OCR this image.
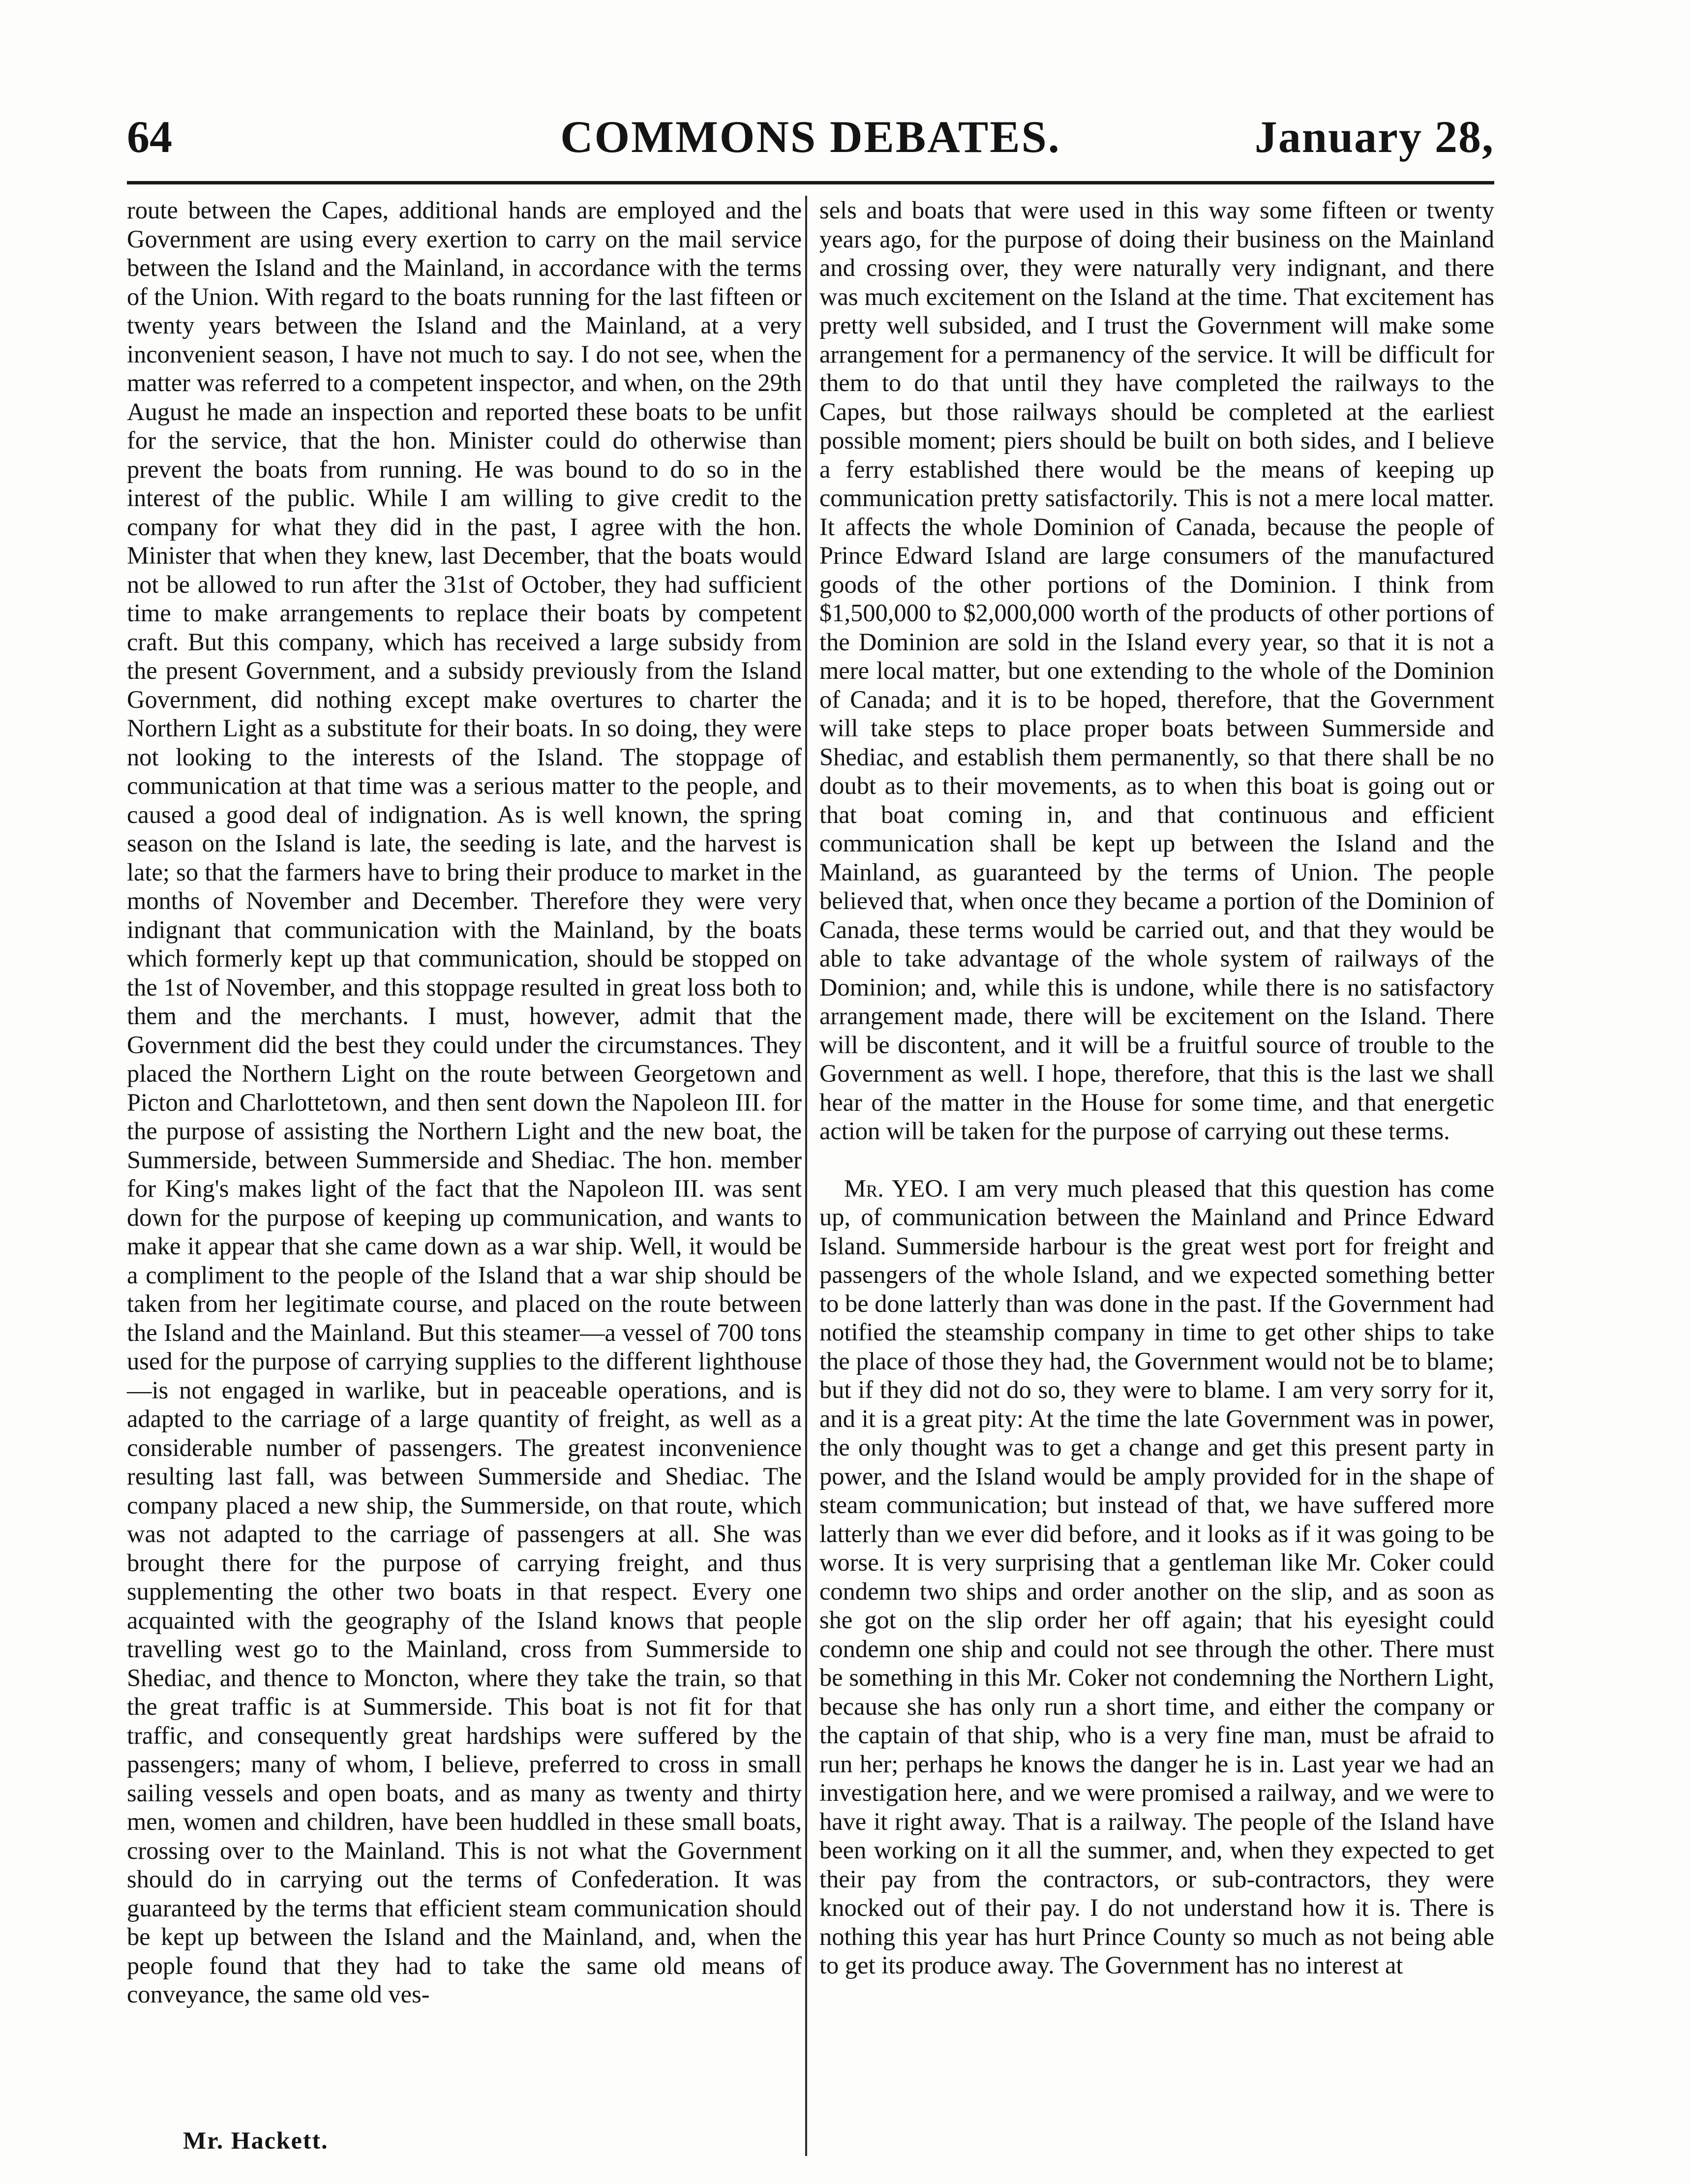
64	COMMONS DEBATES.	January 28,

route between the Capes, additional hands are employed and the Government are using every exertion to carry on the mail service between the Island and the Mainland, in accordance with the terms of the Union. With regard to the boats running for the last fifteen or twenty years between the Island and the Mainland, at a very inconvenient season, I have not much to say. I do not see, when the matter was referred to a competent inspector, and when, on the 29th August he made an inspection and reported these boats to be unfit for the service, that the hon. Minister could do otherwise than prevent the boats from running. He was bound to do so in the interest of the public. While I am willing to give credit to the company for what they did in the past, I agree with the hon. Minister that when they knew, last December, that the boats would not be allowed to run after the 31st of October, they had sufficient time to make arrangements to replace their boats by competent craft. But this company, which has received a large subsidy from the present Government, and a subsidy previously from the Island Government, did nothing except make overtures to charter the Northern Light as a substitute for their boats. In so doing, they were not looking to the interests of the Island. The stoppage of communication at that time was a serious matter to the people, and caused a good deal of indignation. As is well known, the spring season on the Island is late, the seeding is late, and the harvest is late; so that the farmers have to bring their produce to market in the months of November and December. Therefore they were very indignant that communication with the Mainland, by the boats which formerly kept up that communication, should be stopped on the 1st of November, and this stoppage resulted in great loss both to them and the merchants. I must, however, admit that the Government did the best they could under the circumstances. They placed the Northern Light on the route between Georgetown and Picton and Charlottetown, and then sent down the Napoleon III. for the purpose of assisting the Northern Light and the new boat, the Summerside, between Summerside and Shediac. The hon. member for King's makes light of the fact that the Napoleon III. was sent down for the purpose of keeping up communication, and wants to make it appear that she came down as a war ship. Well, it would be a compliment to the people of the Island that a war ship should be taken from her legitimate course, and placed on the route between the Island and the Mainland. But this steamer—a vessel of 700 tons used for the purpose of carrying supplies to the different lighthouse—is not engaged in warlike, but in peaceable operations, and is adapted to the carriage of a large quantity of freight, as well as a considerable number of passengers. The greatest inconvenience resulting last fall, was between Summerside and Shediac. The company placed a new ship, the Summerside, on that route, which was not adapted to the carriage of passengers at all. She was brought there for the purpose of carrying freight, and thus supplementing the other two boats in that respect. Every one acquainted with the geography of the Island knows that people travelling west go to the Mainland, cross from Summerside to Shediac, and thence to Moncton, where they take the train, so that the great traffic is at Summerside. This boat is not fit for that traffic, and consequently great hardships were suffered by the passengers; many of whom, I believe, preferred to cross in small sailing vessels and open boats, and as many as twenty and thirty men, women and children, have been huddled in these small boats, crossing over to the Mainland. This is not what the Government should do in carrying out the terms of Confederation. It was guaranteed by the terms that efficient steam communication should be kept up between the Island and the Mainland, and, when the people found that they had to take the same old means of conveyance, the same old ves-

sels and boats that were used in this way some fifteen or twenty years ago, for the purpose of doing their business on the Mainland and crossing over, they were naturally very indignant, and there was much excitement on the Island at the time. That excitement has pretty well subsided, and I trust the Government will make some arrangement for a permanency of the service. It will be difficult for them to do that until they have completed the railways to the Capes, but those railways should be completed at the earliest possible moment; piers should be built on both sides, and I believe a ferry established there would be the means of keeping up communication pretty satisfactorily. This is not a mere local matter. It affects the whole Dominion of Canada, because the people of Prince Edward Island are large consumers of the manufactured goods of the other portions of the Dominion. I think from $1,500,000 to $2,000,000 worth of the products of other portions of the Dominion are sold in the Island every year, so that it is not a mere local matter, but one extending to the whole of the Dominion of Canada; and it is to be hoped, therefore, that the Government will take steps to place proper boats between Summerside and Shediac, and establish them permanently, so that there shall be no doubt as to their movements, as to when this boat is going out or that boat coming in, and that continuous and efficient communication shall be kept up between the Island and the Mainland, as guaranteed by the terms of Union. The people believed that, when once they became a portion of the Dominion of Canada, these terms would be carried out, and that they would be able to take advantage of the whole system of railways of the Dominion; and, while this is undone, while there is no satisfactory arrangement made, there will be excitement on the Island. There will be discontent, and it will be a fruitful source of trouble to the Government as well. I hope, therefore, that this is the last we shall hear of the matter in the House for some time, and that energetic action will be taken for the purpose of carrying out these terms.

Mr. YEO. I am very much pleased that this question has come up, of communication between the Mainland and Prince Edward Island. Summerside harbour is the great west port for freight and passengers of the whole Island, and we expected something better to be done latterly than was done in the past. If the Government had notified the steamship company in time to get other ships to take the place of those they had, the Government would not be to blame; but if they did not do so, they were to blame. I am very sorry for it, and it is a great pity: At the time the late Government was in power, the only thought was to get a change and get this present party in power, and the Island would be amply provided for in the shape of steam communication; but instead of that, we have suffered more latterly than we ever did before, and it looks as if it was going to be worse. It is very surprising that a gentleman like Mr. Coker could condemn two ships and order another on the slip, and as soon as she got on the slip order her off again; that his eyesight could condemn one ship and could not see through the other. There must be something in this Mr. Coker not condemning the Northern Light, because she has only run a short time, and either the company or the captain of that ship, who is a very fine man, must be afraid to run her; perhaps he knows the danger he is in. Last year we had an investigation here, and we were promised a railway, and we were to have it right away. That is a railway. The people of the Island have been working on it all the summer, and, when they expected to get their pay from the contractors, or sub-contractors, they were knocked out of their pay. I do not understand how it is. There is nothing this year has hurt Prince County so much as not being able to get its produce away. The Government has no interest at

Mr. Hackett.
